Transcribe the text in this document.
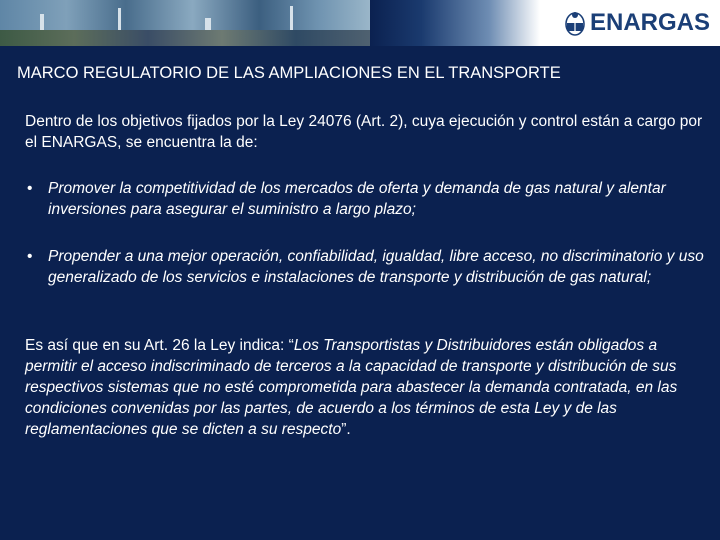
ENARGAS
MARCO REGULATORIO DE LAS AMPLIACIONES EN EL TRANSPORTE
Dentro de los objetivos fijados por la Ley 24076 (Art. 2), cuya ejecución y control están a cargo por el ENARGAS, se encuentra la de:
• Promover la competitividad de los mercados de oferta y demanda de gas natural y alentar inversiones para asegurar el suministro a largo plazo;
• Propender a una mejor operación, confiabilidad, igualdad, libre acceso, no discriminatorio y uso generalizado de los servicios e instalaciones de transporte y distribución de gas natural;
Es así que en su Art. 26 la Ley indica: “Los Transportistas y Distribuidores están obligados a permitir el acceso indiscriminado de terceros a la capacidad de transporte y distribución de sus respectivos sistemas que no esté comprometida para abastecer la demanda contratada, en las condiciones convenidas por las partes, de acuerdo a los términos de esta Ley y de las reglamentaciones que se dicten a su respecto”.
